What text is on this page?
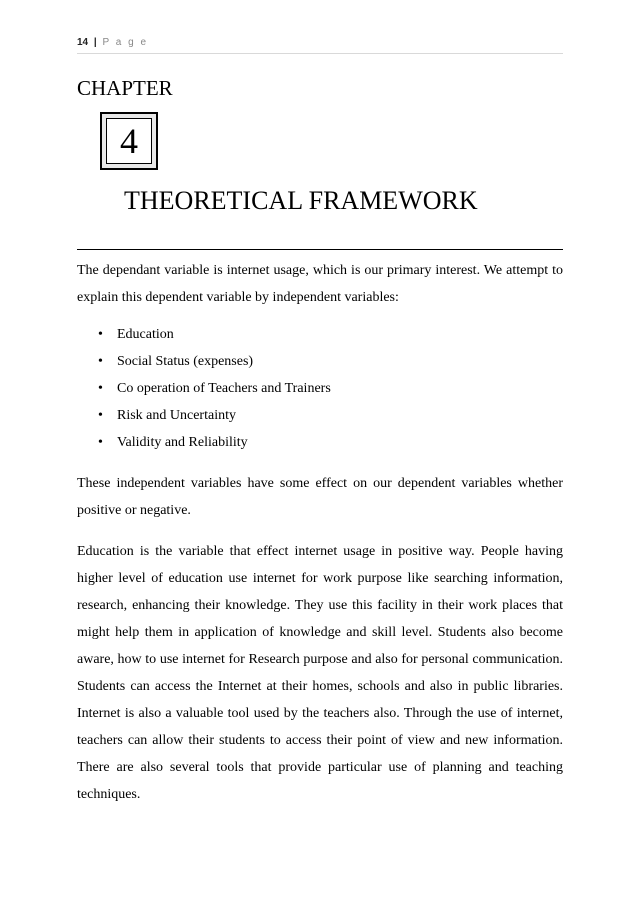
14 | P a g e
CHAPTER
4
THEORETICAL FRAMEWORK

The dependant variable is internet usage, which is our primary interest. We attempt to explain this dependent variable by independent variables:

• Education
• Social Status (expenses)
• Co operation of Teachers and Trainers
• Risk and Uncertainty
• Validity and Reliability

These independent variables have some effect on our dependent variables whether positive or negative.

Education is the variable that effect internet usage in positive way. People having higher level of education use internet for work purpose like searching information, research, enhancing their knowledge. They use this facility in their work places that might help them in application of knowledge and skill level. Students also become aware, how to use internet for Research purpose and also for personal communication. Students can access the Internet at their homes, schools and also in public libraries. Internet is also a valuable tool used by the teachers also. Through the use of internet, teachers can allow their students to access their point of view and new information. There are also several tools that provide particular use of planning and teaching techniques.
